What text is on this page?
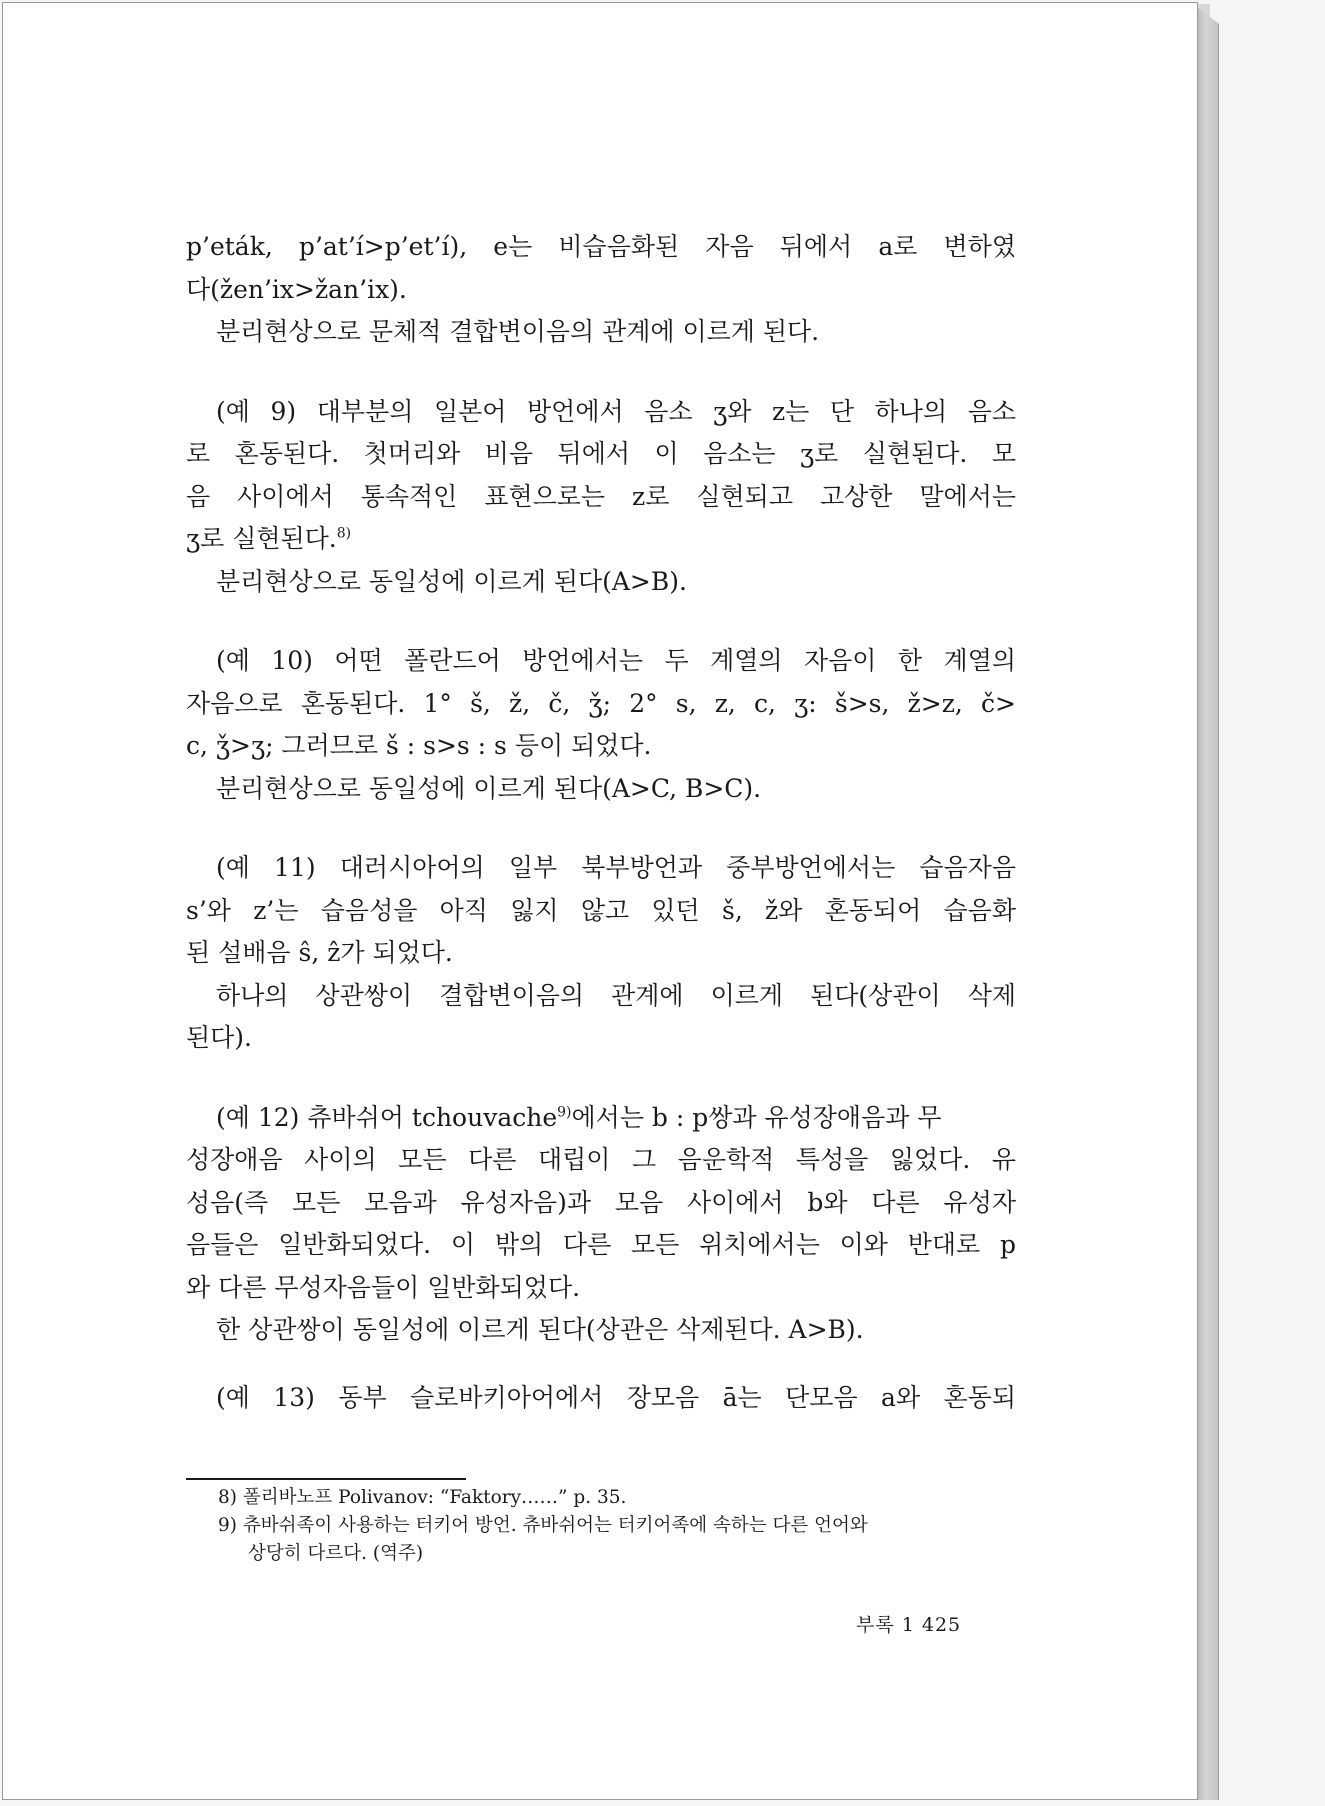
p’eták, p’at’í>p’et’í), e는 비습음화된 자음 뒤에서 a로 변하였
다(žen’ix>žan’ix).
분리현상으로 문체적 결합변이음의 관계에 이르게 된다.
(예 9) 대부분의 일본어 방언에서 음소 ʒ와 z는 단 하나의 음소
로 혼동된다. 첫머리와 비음 뒤에서 이 음소는 ʒ로 실현된다. 모
음 사이에서 통속적인 표현으로는 z로 실현되고 고상한 말에서는
ʒ로 실현된다.$^{8)}$
분리현상으로 동일성에 이르게 된다(A>B).
(예 10) 어떤 폴란드어 방언에서는 두 계열의 자음이 한 계열의
자음으로 혼동된다. 1° š, ž, č, ǯ; 2° s, z, c, ʒ: š>s, ž>z, č>
c, ǯ>ʒ; 그러므로 š : s>s : s 등이 되었다.
분리현상으로 동일성에 이르게 된다(A>C, B>C).
(예 11) 대러시아어의 일부 북부방언과 중부방언에서는 습음자음
s’와 z’는 습음성을 아직 잃지 않고 있던 š, ž와 혼동되어 습음화
된 설배음 ŝ, ẑ가 되었다.
하나의 상관쌍이 결합변이음의 관계에 이르게 된다(상관이 삭제
된다).
(예 12) 츄바쉬어 tchouvache$^{9)}$에서는 b : p쌍과 유성장애음과 무
성장애음 사이의 모든 다른 대립이 그 음운학적 특성을 잃었다. 유
성음(즉 모든 모음과 유성자음)과 모음 사이에서 b와 다른 유성자
음들은 일반화되었다. 이 밖의 다른 모든 위치에서는 이와 반대로 p
와 다른 무성자음들이 일반화되었다.
한 상관쌍이 동일성에 이르게 된다(상관은 삭제된다. A>B).
(예 13) 동부 슬로바키아어에서 장모음 ā는 단모음 a와 혼동되
8) 폴리바노프 Polivanov: “Faktory……” p. 35.
9) 츄바쉬족이 사용하는 터키어 방언. 츄바쉬어는 터키어족에 속하는 다른 언어와
상당히 다르다. (역주)
부록 1 425
